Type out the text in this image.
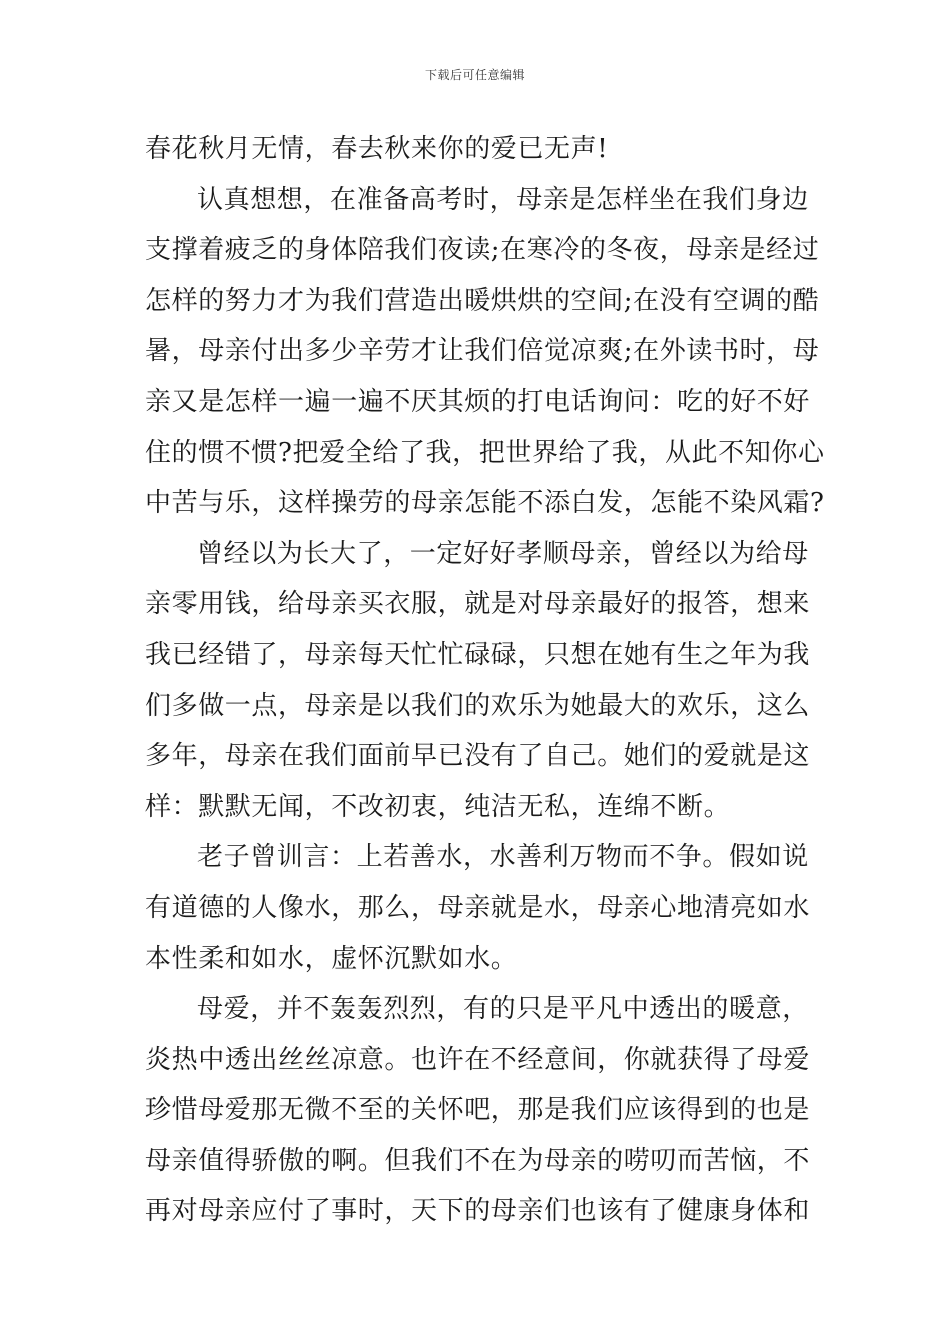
下载后可任意编辑
春花秋月无情，春去秋来你的爱已无声!
认真想想，在准备高考时，母亲是怎样坐在我们身边
支撑着疲乏的身体陪我们夜读;在寒冷的冬夜，母亲是经过
怎样的努力才为我们营造出暖烘烘的空间;在没有空调的酷
暑，母亲付出多少辛劳才让我们倍觉凉爽;在外读书时，母
亲又是怎样一遍一遍不厌其烦的打电话询问：吃的好不好
住的惯不惯?把爱全给了我，把世界给了我，从此不知你心
中苦与乐，这样操劳的母亲怎能不添白发，怎能不染风霜?
曾经以为长大了，一定好好孝顺母亲，曾经以为给母
亲零用钱，给母亲买衣服，就是对母亲最好的报答，想来
我已经错了，母亲每天忙忙碌碌，只想在她有生之年为我
们多做一点，母亲是以我们的欢乐为她最大的欢乐，这么
多年，母亲在我们面前早已没有了自己。她们的爱就是这
样：默默无闻，不改初衷，纯洁无私，连绵不断。
老子曾训言：上若善水，水善利万物而不争。假如说
有道德的人像水，那么，母亲就是水，母亲心地清亮如水
本性柔和如水，虚怀沉默如水。
母爱，并不轰轰烈烈，有的只是平凡中透出的暖意，
炎热中透出丝丝凉意。也许在不经意间，你就获得了母爱
珍惜母爱那无微不至的关怀吧，那是我们应该得到的也是
母亲值得骄傲的啊。但我们不在为母亲的唠叨而苦恼，不
再对母亲应付了事时，天下的母亲们也该有了健康身体和
